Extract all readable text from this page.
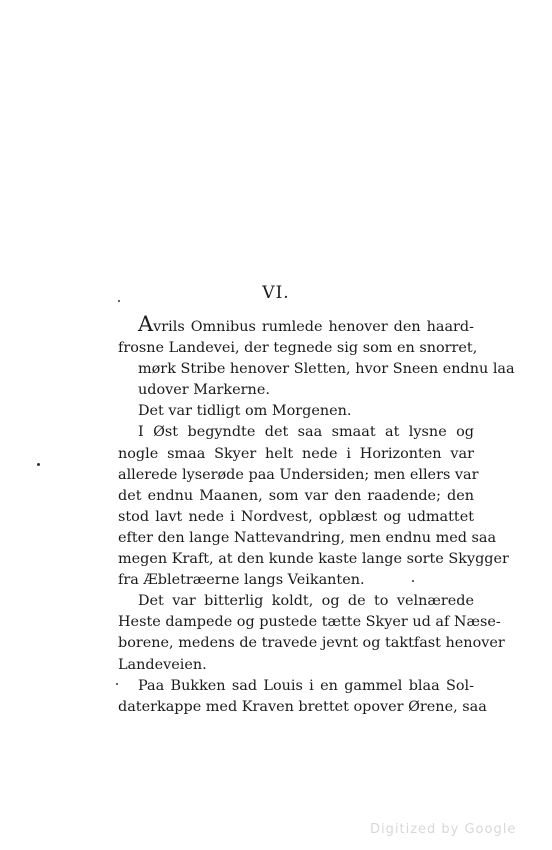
VI.

Avrils Omnibus rumlede henover den haard-
frosne Landevei, der tegnede sig som en snorret,
mørk Stribe henover Sletten, hvor Sneen endnu laa
udover Markerne.

Det var tidligt om Morgenen.

I Øst begyndte det saa smaat at lysne og
nogle smaa Skyer helt nede i Horizonten var
allerede lyserøde paa Undersiden; men ellers var
det endnu Maanen, som var den raadende; den
stod lavt nede i Nordvest, opblæst og udmattet
efter den lange Nattevandring, men endnu med saa
megen Kraft, at den kunde kaste lange sorte Skygger
fra Æbletræerne langs Veikanten.

Det var bitterlig koldt, og de to velnærede
Heste dampede og pustede tætte Skyer ud af Næse-
borene, medens de travede jevnt og taktfast henover
Landeveien.

Paa Bukken sad Louis i en gammel blaa Sol-
daterkappe med Kraven brettet opover Ørene, saa

Digitized by Google
